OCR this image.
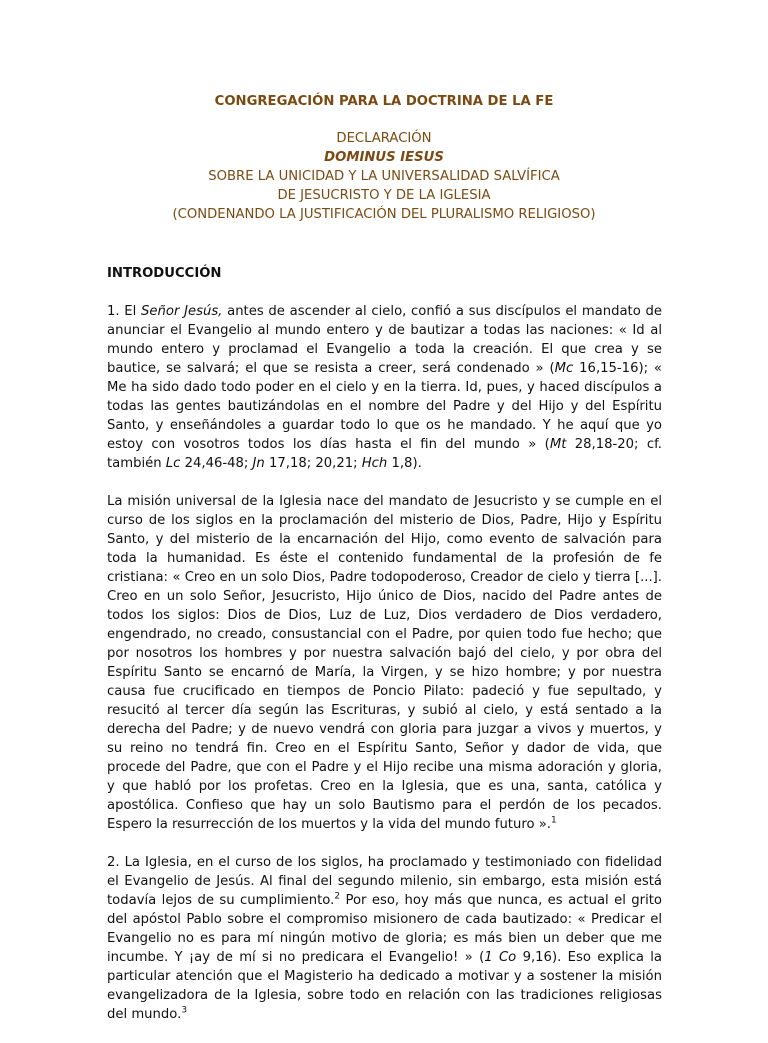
CONGREGACIÓN PARA LA DOCTRINA DE LA FE
DECLARACIÓN
DOMINUS IESUS
SOBRE LA UNICIDAD Y LA UNIVERSALIDAD SALVÍFICA
DE JESUCRISTO Y DE LA IGLESIA
(CONDENANDO LA JUSTIFICACIÓN DEL PLURALISMO RELIGIOSO)
INTRODUCCIÓN

1. El Señor Jesús, antes de ascender al cielo, confió a sus discípulos el mandato de anunciar el Evangelio al mundo entero y de bautizar a todas las naciones: « Id al mundo entero y proclamad el Evangelio a toda la creación. El que crea y se bautice, se salvará; el que se resista a creer, será condenado » (Mc 16,15-16); « Me ha sido dado todo poder en el cielo y en la tierra. Id, pues, y haced discípulos a todas las gentes bautizándolas en el nombre del Padre y del Hijo y del Espíritu Santo, y enseñándoles a guardar todo lo que os he mandado. Y he aquí que yo estoy con vosotros todos los días hasta el fin del mundo » (Mt 28,18-20; cf. también Lc 24,46-48; Jn 17,18; 20,21; Hch 1,8).

La misión universal de la Iglesia nace del mandato de Jesucristo y se cumple en el curso de los siglos en la proclamación del misterio de Dios, Padre, Hijo y Espíritu Santo, y del misterio de la encarnación del Hijo, como evento de salvación para toda la humanidad. Es éste el contenido fundamental de la profesión de fe cristiana: « Creo en un solo Dios, Padre todopoderoso, Creador de cielo y tierra [...]. Creo en un solo Señor, Jesucristo, Hijo único de Dios, nacido del Padre antes de todos los siglos: Dios de Dios, Luz de Luz, Dios verdadero de Dios verdadero, engendrado, no creado, consustancial con el Padre, por quien todo fue hecho; que por nosotros los hombres y por nuestra salvación bajó del cielo, y por obra del Espíritu Santo se encarnó de María, la Virgen, y se hizo hombre; y por nuestra causa fue crucificado en tiempos de Poncio Pilato: padeció y fue sepultado, y resucitó al tercer día según las Escrituras, y subió al cielo, y está sentado a la derecha del Padre; y de nuevo vendrá con gloria para juzgar a vivos y muertos, y su reino no tendrá fin. Creo en el Espíritu Santo, Señor y dador de vida, que procede del Padre, que con el Padre y el Hijo recibe una misma adoración y gloria, y que habló por los profetas. Creo en la Iglesia, que es una, santa, católica y apostólica. Confieso que hay un solo Bautismo para el perdón de los pecados. Espero la resurrección de los muertos y la vida del mundo futuro ».$^1$

2. La Iglesia, en el curso de los siglos, ha proclamado y testimoniado con fidelidad el Evangelio de Jesús. Al final del segundo milenio, sin embargo, esta misión está todavía lejos de su cumplimiento.$^2$ Por eso, hoy más que nunca, es actual el grito del apóstol Pablo sobre el compromiso misionero de cada bautizado: « Predicar el Evangelio no es para mí ningún motivo de gloria; es más bien un deber que me incumbe. Y ¡ay de mí si no predicara el Evangelio! » (1 Co 9,16). Eso explica la particular atención que el Magisterio ha dedicado a motivar y a sostener la misión evangelizadora de la Iglesia, sobre todo en relación con las tradiciones religiosas del mundo.$^3$
